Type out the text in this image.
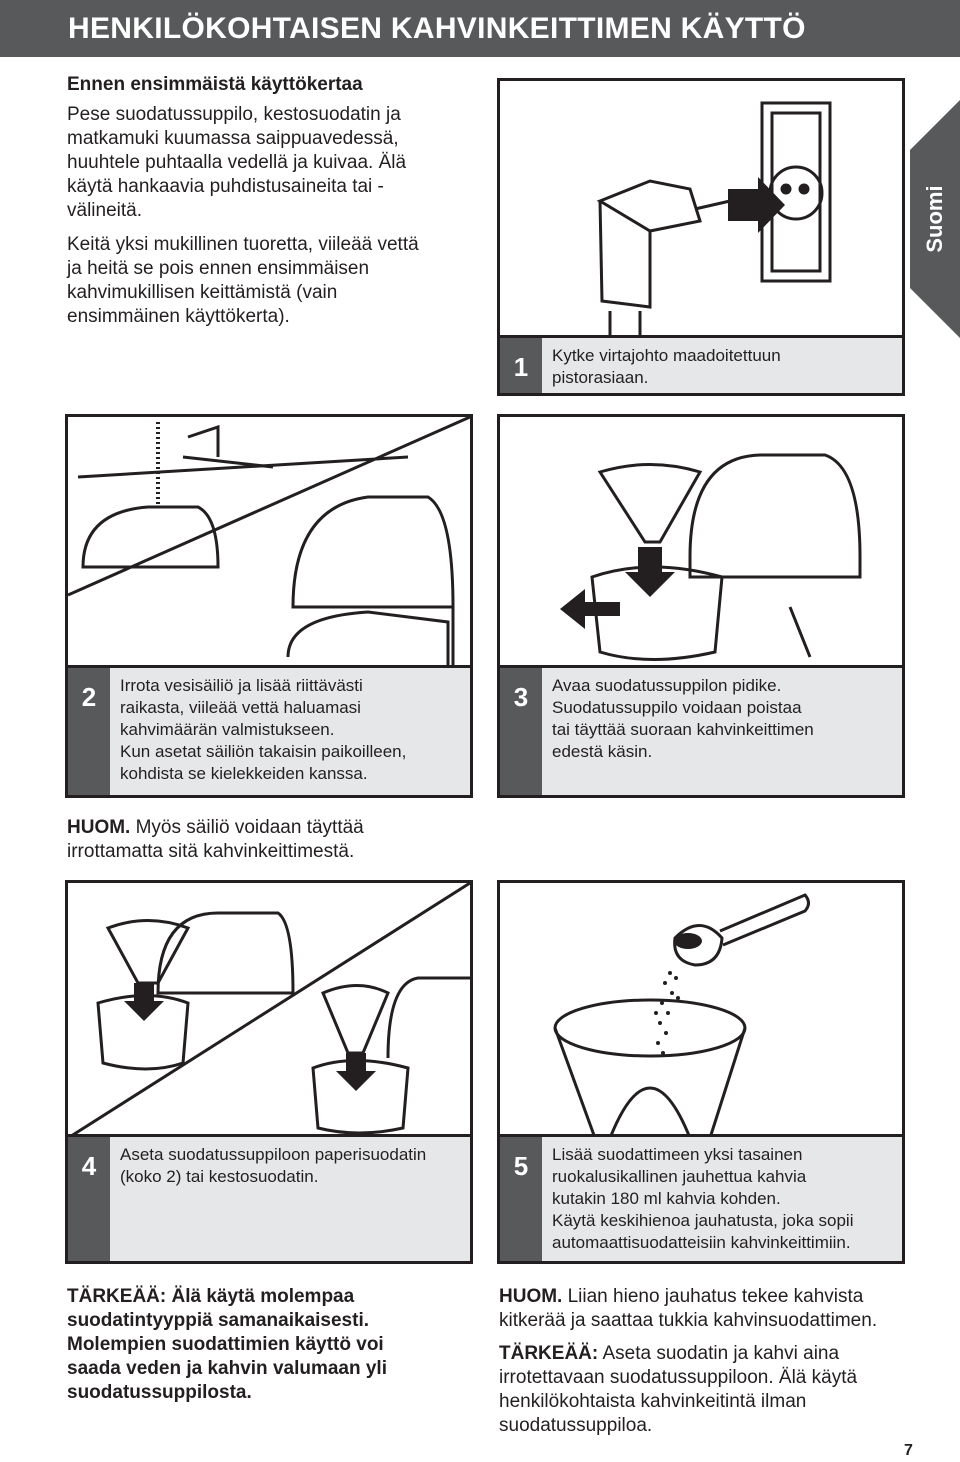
HENKILÖKOHTAISEN KAHVINKEITTIMEN KÄYTTÖ
Suomi
Ennen ensimmäistä käyttökertaa

Pese suodatussuppilo, kestosuodatin ja matkamuki kuumassa saippuavedessä, huuhtele puhtaalla vedellä ja kuivaa. Älä käytä hankaavia puhdistusaineita tai -välineitä.

Keitä yksi mukillinen tuoretta, viileää vettä ja heitä se pois ennen ensimmäisen kahvimukillisen keittämistä (vain ensimmäinen käyttökerta).

1	Kytke virtajohto maadoitettuun
pistorasiaan.
2	Irrota vesisäiliö ja lisää riittävästi
raikasta, viileää vettä haluamasi
kahvimäärän valmistukseen.
Kun asetat säiliön takaisin paikoilleen,
kohdista se kielekkeiden kanssa.
3	Avaa suodatussuppilon pidike.
Suodatussuppilo voidaan poistaa
tai täyttää suoraan kahvinkeittimen
edestä käsin.
HUOM. Myös säiliö voidaan täyttää irrottamatta sitä kahvinkeittimestä.
4	Aseta suodatussuppiloon paperisuodatin
(koko 2) tai kestosuodatin.	5	Lisää suodattimeen yksi tasainen
ruokalusikallinen jauhettua kahvia
kutakin 180 ml kahvia kohden.
Käytä keskihienoa jauhatusta, joka sopii
automaattisuodatteisiin kahvinkeittimiin.
TÄRKEÄÄ: Älä käytä molempaa suodatintyyppiä samanaikaisesti. Molempien suodattimien käyttö voi saada veden ja kahvin valumaan yli suodatussuppilosta.
HUOM. Liian hieno jauhatus tekee kahvista kitkerää ja saattaa tukkia kahvinsuodattimen.
TÄRKEÄÄ: Aseta suodatin ja kahvi aina irrotettavaan suodatussuppiloon. Älä käytä henkilökohtaista kahvinkeitintä ilman suodatussuppiloa.
7
